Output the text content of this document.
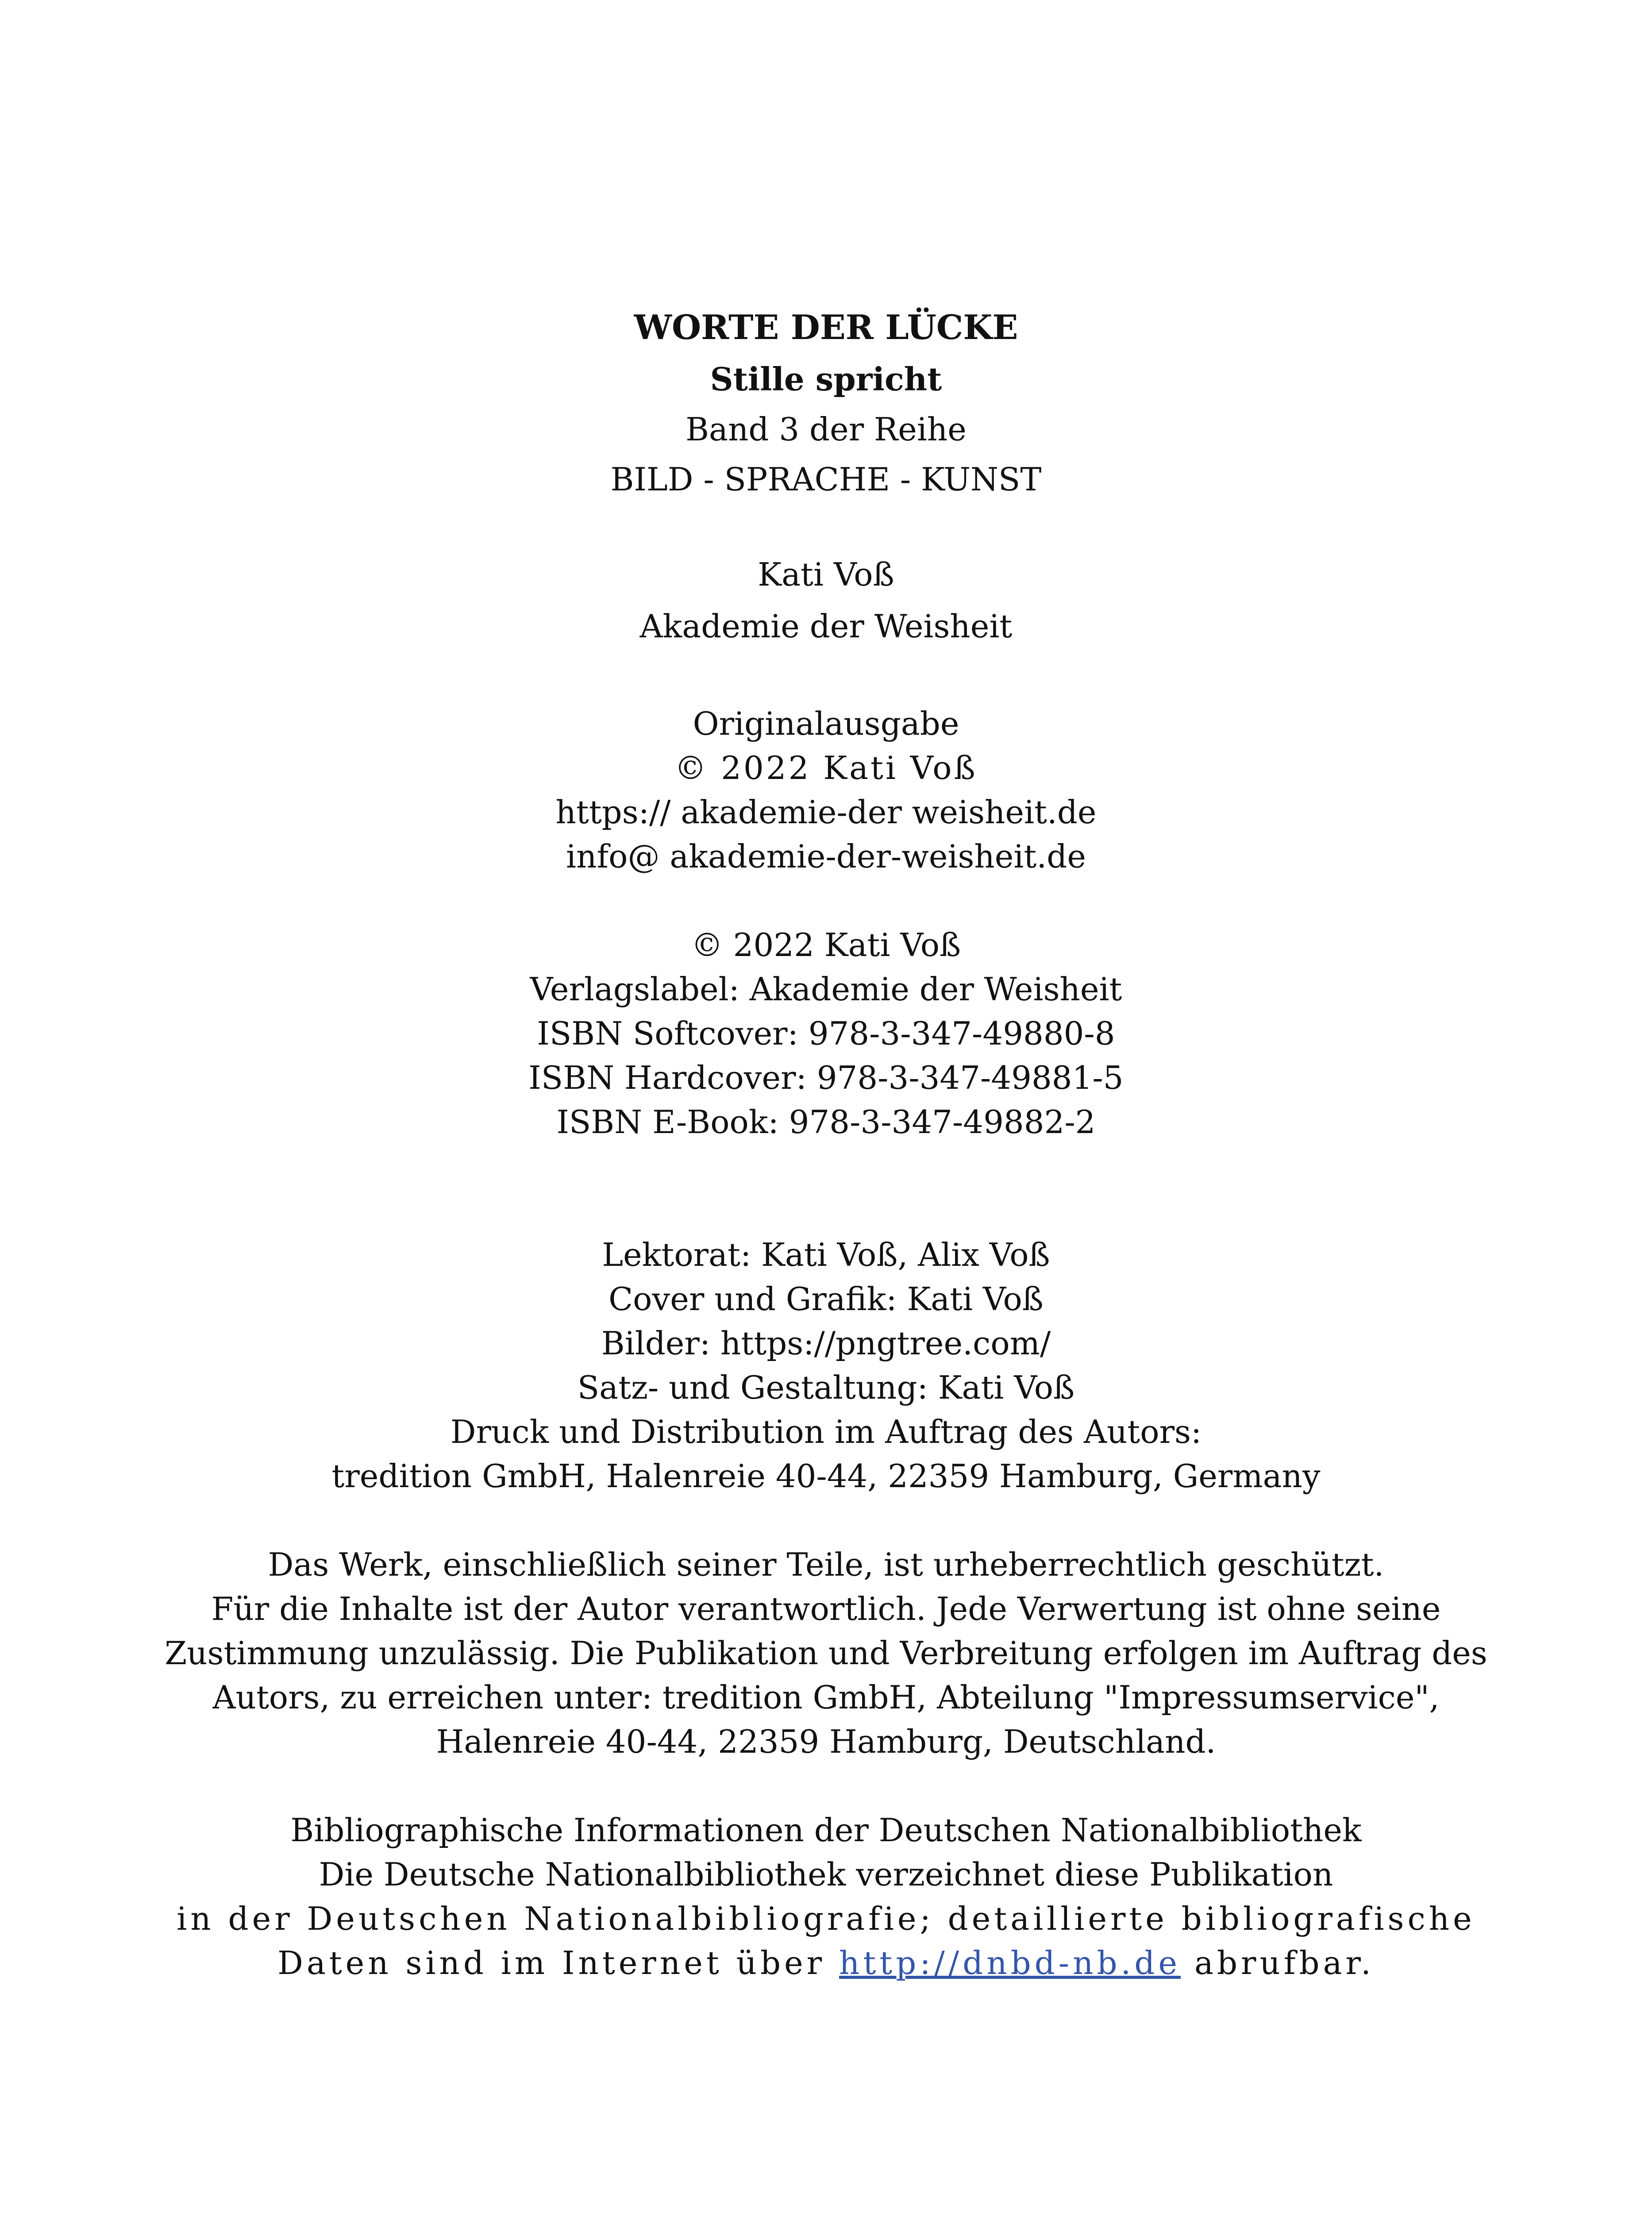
WORTE DER LÜCKE
Stille spricht
Band 3 der Reihe
BILD - SPRACHE - KUNST
Kati Voß
Akademie der Weisheit
Originalausgabe
© 2022 Kati Voß
https:// akademie-der weisheit.de
info@ akademie-der-weisheit.de
© 2022 Kati Voß
Verlagslabel: Akademie der Weisheit
ISBN Softcover: 978-3-347-49880-8
ISBN Hardcover: 978-3-347-49881-5
ISBN E-Book: 978-3-347-49882-2
Lektorat: Kati Voß, Alix Voß
Cover und Grafik: Kati Voß
Bilder: https://pngtree.com/
Satz- und Gestaltung: Kati Voß
Druck und Distribution im Auftrag des Autors:
tredition GmbH, Halenreie 40-44, 22359 Hamburg, Germany
Das Werk, einschließlich seiner Teile, ist urheberrechtlich geschützt.
Für die Inhalte ist der Autor verantwortlich. Jede Verwertung ist ohne seine
Zustimmung unzulässig. Die Publikation und Verbreitung erfolgen im Auftrag des
Autors, zu erreichen unter: tredition GmbH, Abteilung "Impressumservice",
Halenreie 40-44, 22359 Hamburg, Deutschland.
Bibliographische Informationen der Deutschen Nationalbibliothek
Die Deutsche Nationalbibliothek verzeichnet diese Publikation
in der Deutschen Nationalbibliografie; detaillierte bibliografische
Daten sind im Internet über http://dnbd-nb.de abrufbar.
